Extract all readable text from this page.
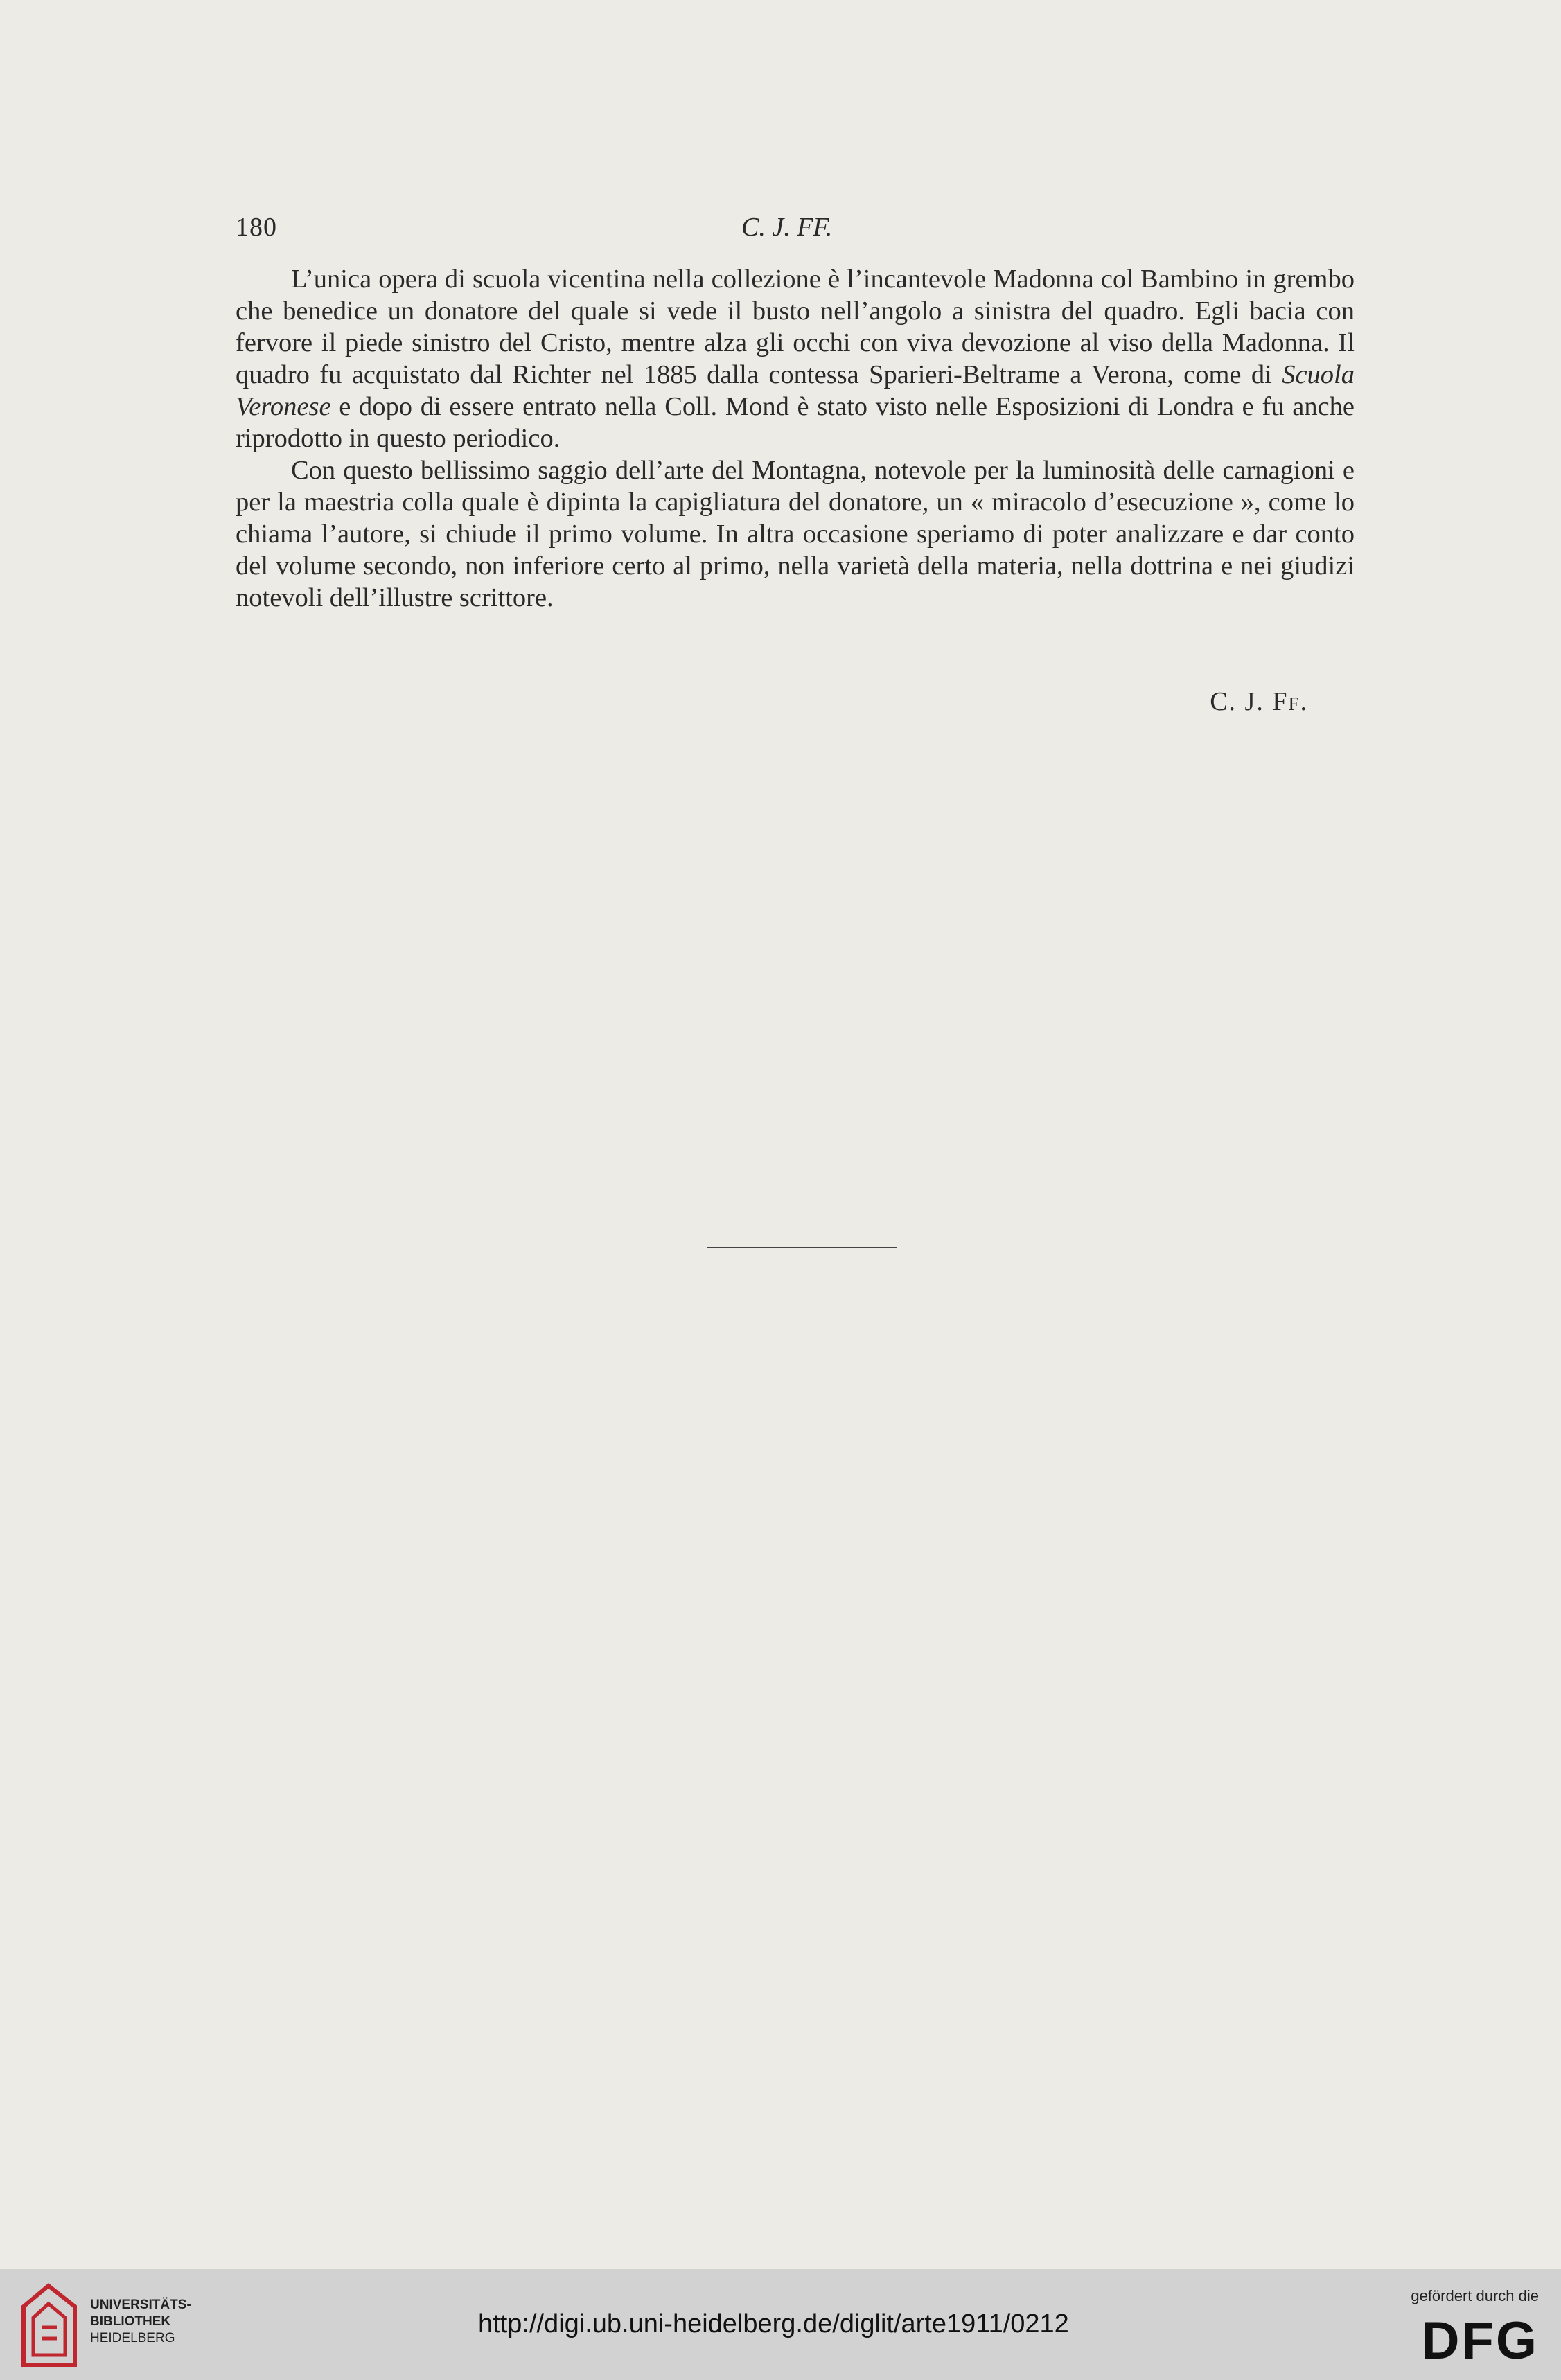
180	C. J. FF.

L’unica opera di scuola vicentina nella collezione è l’incantevole Madonna col Bambino in grembo che benedice un donatore del quale si vede il busto nell’angolo a sinistra del quadro. Egli bacia con fervore il piede sinistro del Cristo, mentre alza gli occhi con viva devozione al viso della Madonna. Il quadro fu acquistato dal Richter nel 1885 dalla contessa Sparieri-Beltrame a Verona, come di Scuola Veronese e dopo di essere entrato nella Coll. Mond è stato visto nelle Esposizioni di Londra e fu anche riprodotto in questo periodico.

Con questo bellissimo saggio dell’arte del Montagna, notevole per la luminosità delle carnagioni e per la maestria colla quale è dipinta la capigliatura del donatore, un « miracolo d’esecuzione », come lo chiama l’autore, si chiude il primo volume. In altra occasione speriamo di poter analizzare e dar conto del volume secondo, non inferiore certo al primo, nella varietà della materia, nella dottrina e nei giudizi notevoli dell’illustre scrittore.

C. J. Ff.
UNIVERSITÄTS-
BIBLIOTHEK
HEIDELBERG	http://digi.ub.uni-heidelberg.de/diglit/arte1911/0212
gefördert durch die
DFG
